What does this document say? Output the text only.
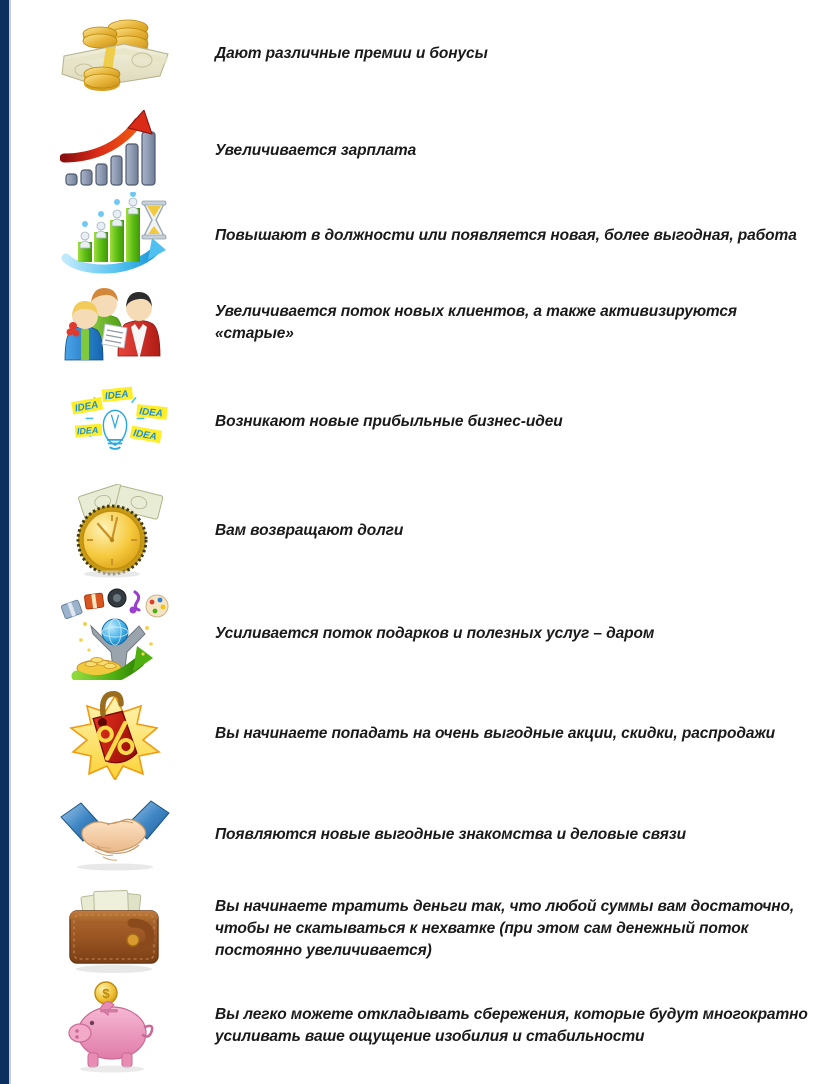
Дают различные премии и бонусы
Увеличивается зарплата
Повышают в должности или появляется новая, более выгодная, работа
Увеличивается поток новых клиентов, а также активизируются «старые»
IDEA
IDEA	IDEA
IDEA	IDEA
Возникают новые прибыльные бизнес-идеи
Вам возвращают долги
Усиливается поток подарков и полезных услуг – даром
Вы начинаете попадать на очень выгодные акции, скидки, распродажи
Появляются новые выгодные знакомства и деловые связи
Вы начинаете тратить деньги так, что любой суммы вам достаточно, чтобы не скатываться к нехватке (при этом сам денежный поток постоянно увеличивается)
$
Вы легко можете откладывать сбережения, которые будут многократно усиливать ваше ощущение изобилия и стабильности
